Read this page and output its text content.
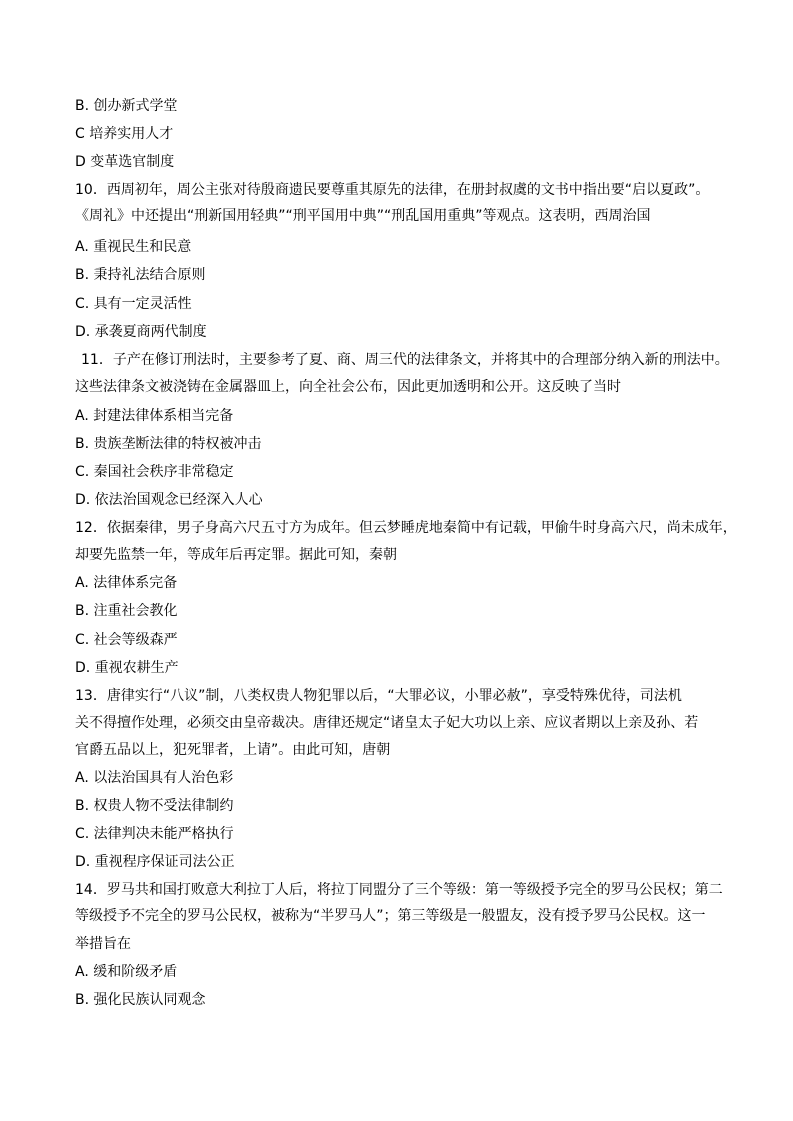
B. 创办新式学堂

C 培养实用人才

D 变革选官制度

10．西周初年，周公主张对待殷商遗民要尊重其原先的法律，在册封叔虞的文书中指出要“启以夏政”。

《周礼》中还提出“刑新国用轻典”“刑平国用中典”“刑乱国用重典”等观点。这表明，西周治国

A. 重视民生和民意

B. 秉持礼法结合原则

C. 具有一定灵活性

D. 承袭夏商两代制度

11．子产在修订刑法时，主要参考了夏、商、周三代的法律条文，并将其中的合理部分纳入新的刑法中。

这些法律条文被浇铸在金属器皿上，向全社会公布，因此更加透明和公开。这反映了当时

A. 封建法律体系相当完备

B. 贵族垄断法律的特权被冲击

C. 秦国社会秩序非常稳定

D. 依法治国观念已经深入人心

12．依据秦律，男子身高六尺五寸方为成年。但云梦睡虎地秦简中有记载，甲偷牛时身高六尺，尚未成年，

却要先监禁一年，等成年后再定罪。据此可知，秦朝

A. 法律体系完备

B. 注重社会教化

C. 社会等级森严

D. 重视农耕生产

13．唐律实行“八议”制，八类权贵人物犯罪以后，“大罪必议，小罪必赦”，享受特殊优待，司法机

关不得擅作处理，必须交由皇帝裁决。唐律还规定“诸皇太子妃大功以上亲、应议者期以上亲及孙、若

官爵五品以上，犯死罪者，上请”。由此可知，唐朝

A. 以法治国具有人治色彩

B. 权贵人物不受法律制约

C. 法律判决未能严格执行

D. 重视程序保证司法公正

14．罗马共和国打败意大利拉丁人后，将拉丁同盟分了三个等级：第一等级授予完全的罗马公民权；第二

等级授予不完全的罗马公民权，被称为“半罗马人”；第三等级是一般盟友，没有授予罗马公民权。这一

举措旨在

A. 缓和阶级矛盾

B. 强化民族认同观念
